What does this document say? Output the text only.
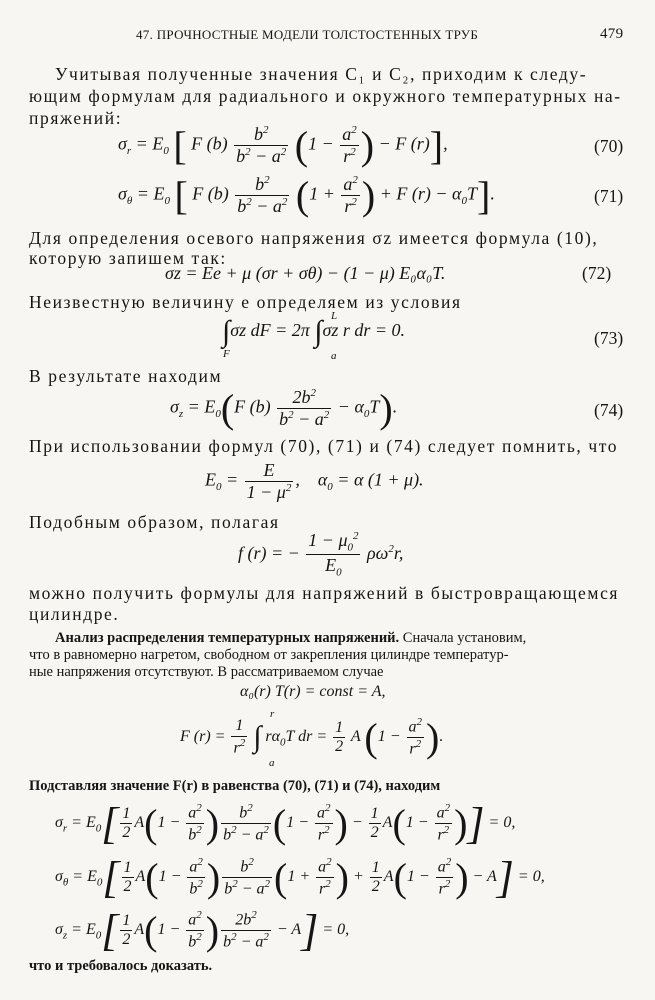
47. ПРОЧНОСТНЫЕ МОДЕЛИ ТОЛСТОСТЕННЫХ ТРУБ	479
Учитывая полученные значения C₁ и C₂, приходим к следу-
ющим формулам для радиального и окружного температурных на-
пряжений:
$\sigma_r = E_0$ [ F $(b) \frac{b^2}{b^2 - a^2} (1 - \frac{a^2}{r^2}$ ) − F (r)],	(70)
$\sigma_\theta = E_0$ [ F $(b) \frac{b^2}{b^2 - a^2} (1 + \frac{a^2}{r^2}$ ) + F $(r) - \alpha_0T$].	(71)
Для определения осевого напряжения σz имеется формула (10),
которую запишем так:
σz = Ee + μ (σr + σθ) − (1 − μ) E₀α₀T.	(72)
Неизвестную величину e определяем из условия
∫σz dF = 2π ∫σz r dr = 0.
F
L
a
(73)
В результате находим
$\sigma_z = E_0(F$ $(b) \frac{2b^2}{b^2 - a^2} - \alpha_0T$).	(74)
При использовании формул (70), (71) и (74) следует помнить, что
$E_0 = \frac{E}{1 - \mu^2}$ ,    $\alpha_0 = \alpha$ (1 + μ).
Подобным образом, полагая
f (r) = − $\frac{1 - \mu_0^2}{E_0} \rho\omega^2r$,
можно получить формулы для напряжений в быстровращающемся
цилиндре.
Анализ распределения температурных напряжений. Сначала установим,
что в равномерно нагретом, свободном от закрепления цилиндре температур-
ные напряжения отсутствуют. В рассматриваемом случае
α₀(r) T(r) = const = A,
F $(r) = \frac{1}{r^2}$ ∫ $r\alpha_0T$ dr = $\frac{1}{2}$ A ($1 - \frac{a^2}{r^2}$ ).
r
a
Подставляя значение F(r) в равенства (70), (71) и (74), находим
$\sigma_r = E_0[ \frac{1}{2} A(1 - \frac{a^2}{b^2}$ ) $\frac{b^2}{b^2 - a^2} (1 - \frac{a^2}{r^2}$ ) − $\frac{1}{2} A(1 - \frac{a^2}{r^2}$ )] = 0,
$\sigma_\theta = E_0[ \frac{1}{2} A(1 - \frac{a^2}{b^2}$ ) $\frac{b^2}{b^2 - a^2} (1 + \frac{a^2}{r^2}$ ) + $\frac{1}{2} A(1 - \frac{a^2}{r^2}$ ) − A] = 0,
$\sigma_z = E_0[ \frac{1}{2} A(1 - \frac{a^2}{b^2}$ ) $\frac{2b^2}{b^2 - a^2} - A] = 0$,
что и требовалось доказать.
